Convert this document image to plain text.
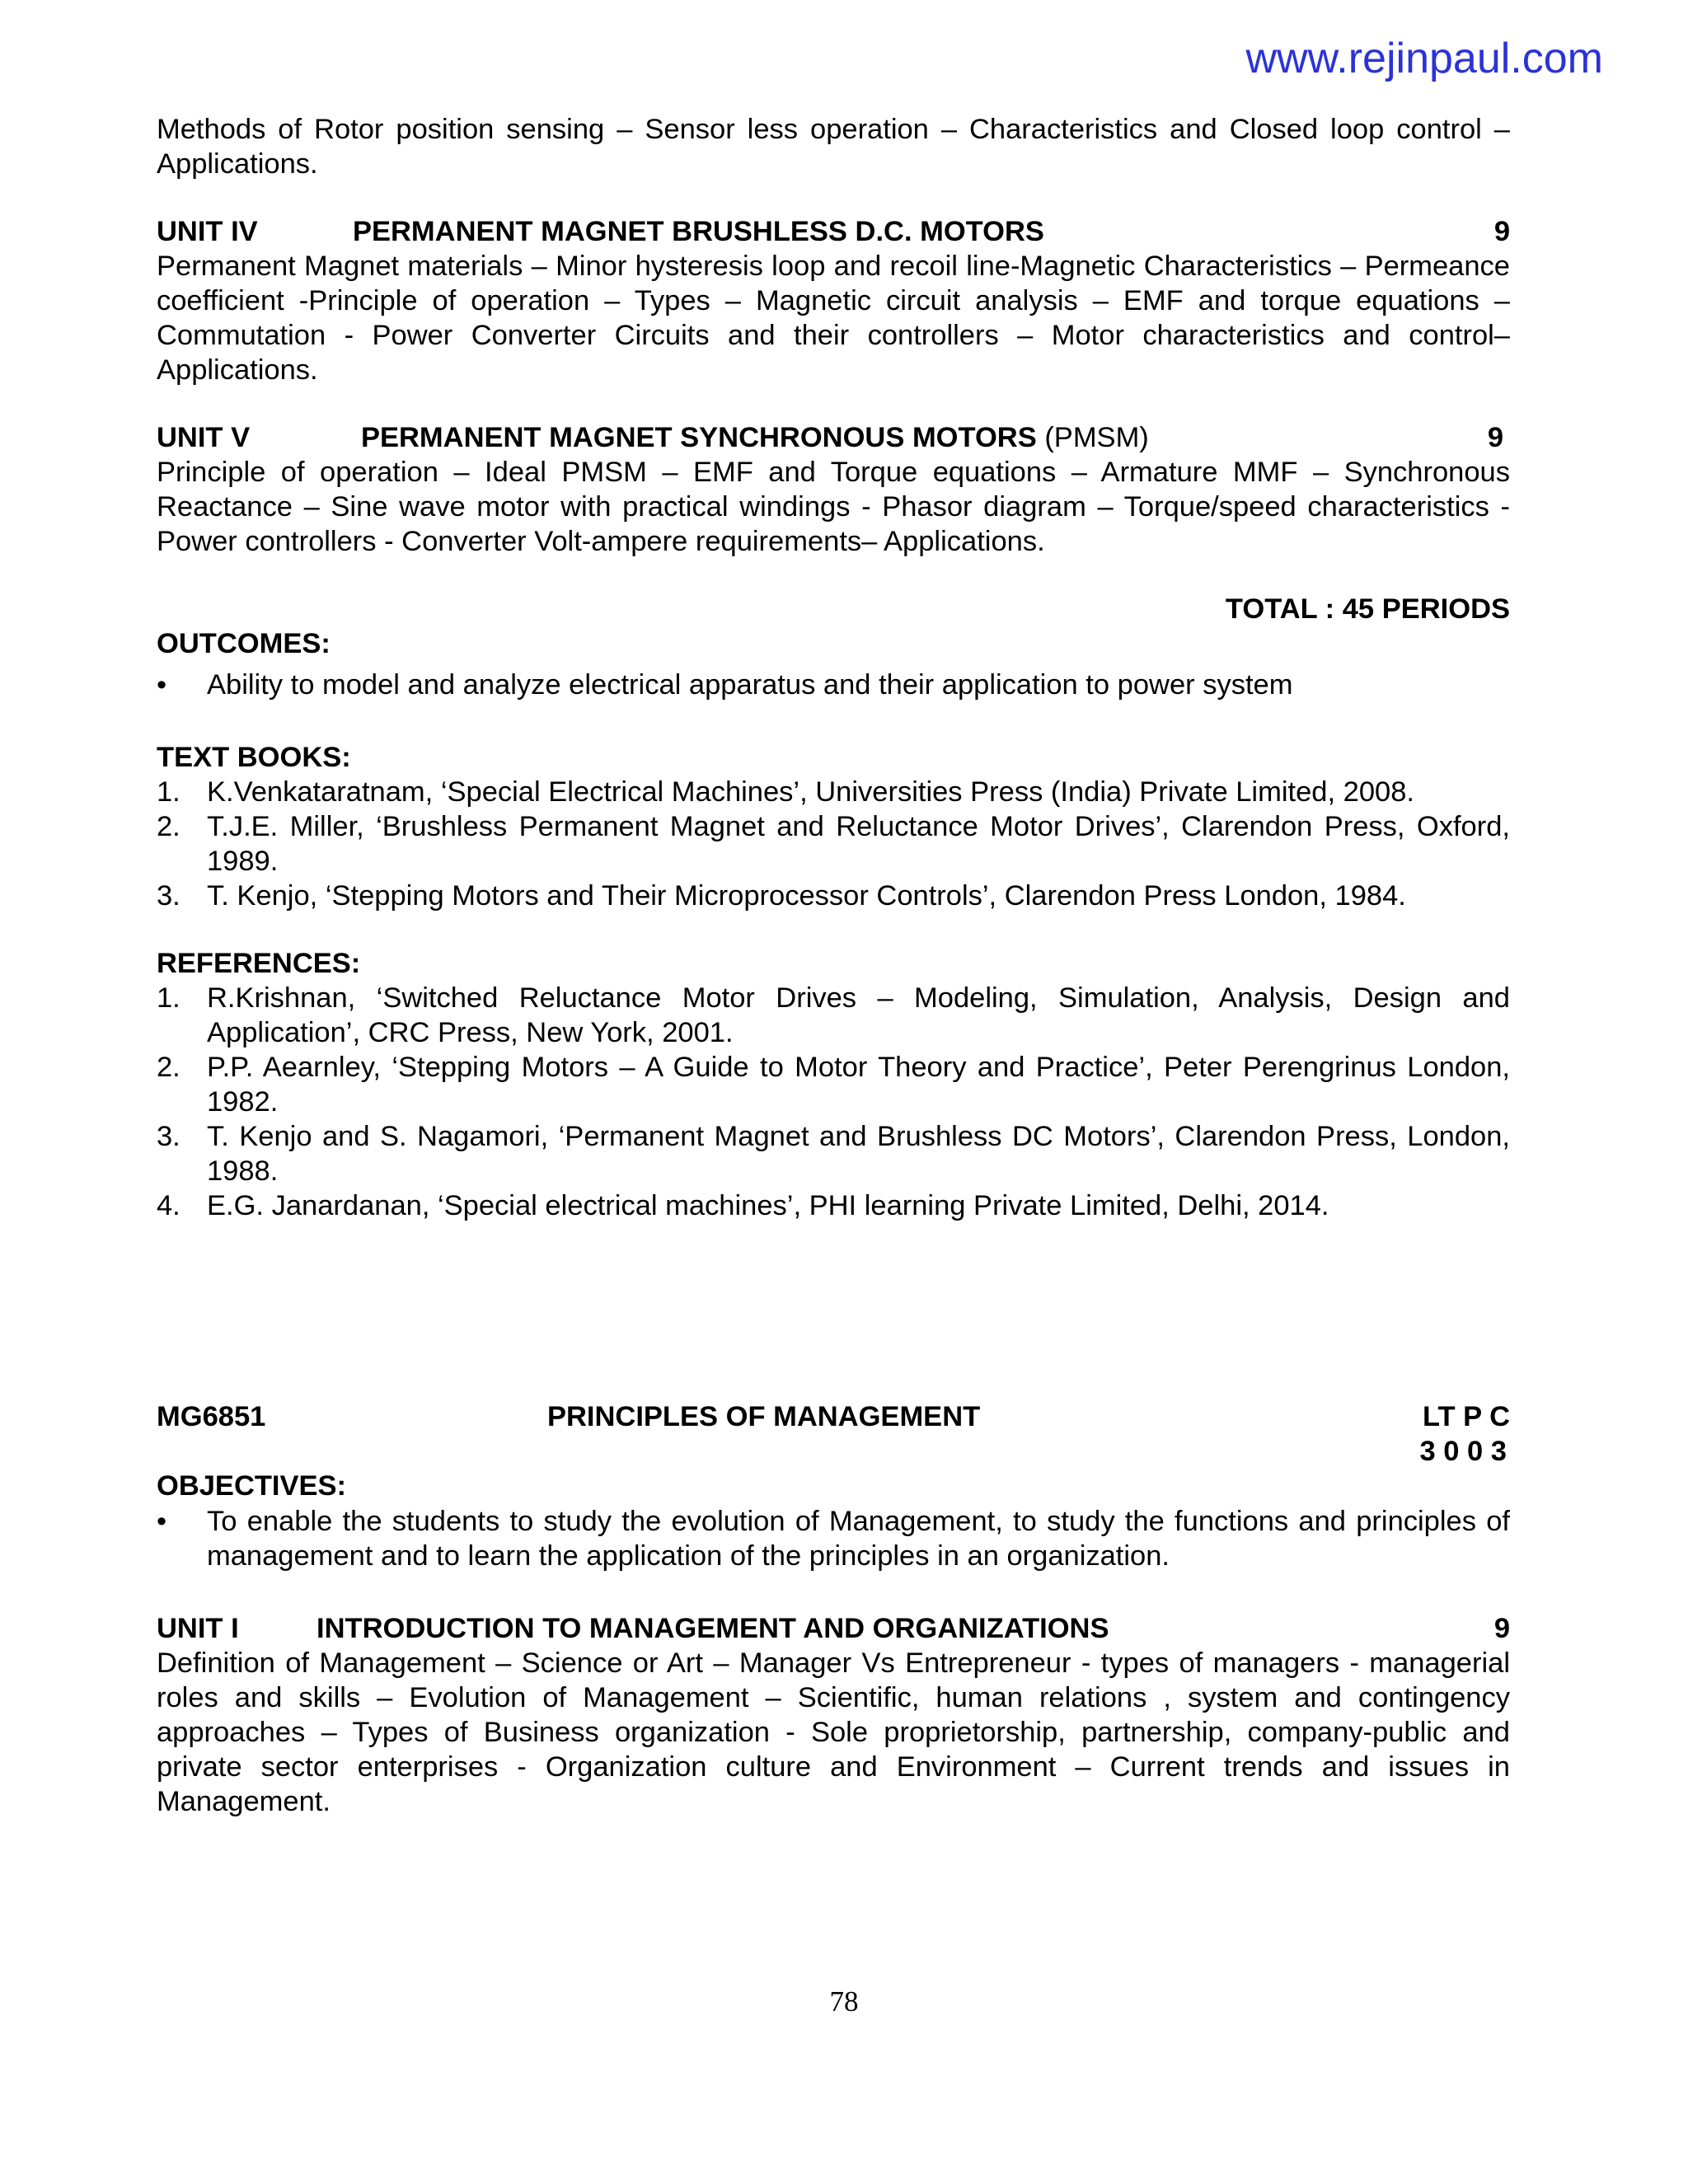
www.rejinpaul.com

Methods of Rotor position sensing – Sensor less operation – Characteristics and Closed loop control – Applications.

UNIT IV	PERMANENT MAGNET BRUSHLESS D.C. MOTORS	9

Permanent Magnet materials – Minor hysteresis loop and recoil line-Magnetic Characteristics – Permeance coefficient -Principle of operation – Types – Magnetic circuit analysis – EMF and torque equations –Commutation - Power Converter Circuits and their controllers – Motor characteristics and control– Applications.

UNIT V	PERMANENT MAGNET SYNCHRONOUS MOTORS (PMSM)	9

Principle of operation – Ideal PMSM – EMF and Torque equations – Armature MMF – Synchronous Reactance – Sine wave motor with practical windings - Phasor diagram – Torque/speed characteristics - Power controllers - Converter Volt-ampere requirements– Applications.

TOTAL : 45 PERIODS
OUTCOMES:
•	Ability to model and analyze electrical apparatus and their application to power system
TEXT BOOKS:
1. K.Venkataratnam, ‘Special Electrical Machines’, Universities Press (India) Private Limited, 2008.
2. T.J.E. Miller, ‘Brushless Permanent Magnet and Reluctance Motor Drives’, Clarendon Press, Oxford, 1989.
3. T. Kenjo, ‘Stepping Motors and Their Microprocessor Controls’, Clarendon Press London, 1984.
REFERENCES:
1. R.Krishnan, ‘Switched Reluctance Motor Drives – Modeling, Simulation, Analysis, Design and Application’, CRC Press, New York, 2001.
2. P.P. Aearnley, ‘Stepping Motors – A Guide to Motor Theory and Practice’, Peter Perengrinus London, 1982.
3. T. Kenjo and S. Nagamori, ‘Permanent Magnet and Brushless DC Motors’, Clarendon Press, London, 1988.
4. E.G. Janardanan, ‘Special electrical machines’, PHI learning Private Limited, Delhi, 2014.
MG6851	PRINCIPLES OF MANAGEMENT	LT P C
3 0 0 3
OBJECTIVES:
•	To enable the students to study the evolution of Management, to study the functions and principles of management and to learn the application of the principles in an organization.
UNIT I	INTRODUCTION TO MANAGEMENT AND ORGANIZATIONS	9

Definition of Management – Science or Art – Manager Vs Entrepreneur - types of managers - managerial roles and skills – Evolution of Management – Scientific, human relations , system and contingency approaches – Types of Business organization - Sole proprietorship, partnership, company-public and private sector enterprises - Organization culture and Environment – Current trends and issues in Management.

78
